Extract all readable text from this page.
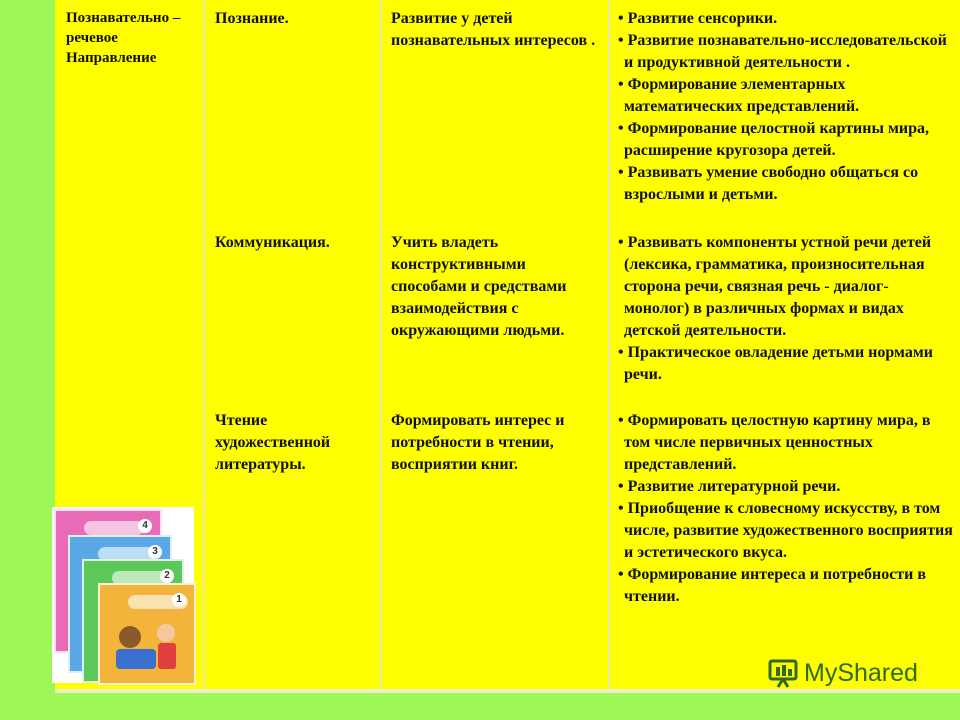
Познавательно – речевое Направление
Познание.	Развитие у детей познавательных интересов .
• Развитие сенсорики.
• Развитие познавательно-исследовательской и продуктивной деятельности .
• Формирование элементарных математических представлений.
• Формирование целостной картины мира, расширение кругозора детей.
• Развивать умение свободно общаться со взрослыми и детьми.
Коммуникация.	Учить владеть конструктивными способами и средствами взаимодействия с окружающими людьми.
• Развивать компоненты устной речи детей (лексика, грамматика, произносительная сторона речи, связная речь - диалог-монолог) в различных формах и видах детской деятельности.
• Практическое овладение детьми нормами речи.
Чтение художественной литературы.
Формировать интерес и потребности в чтении, восприятии книг.
• Формировать целостную картину мира, в том числе первичных ценностных представлений.
• Развитие литературной речи.
• Приобщение к словесному искусству, в том числе, развитие художественного восприятия и эстетического вкуса.
• Формирование интереса и потребности в чтении.
4
3
2
1
MyShared
